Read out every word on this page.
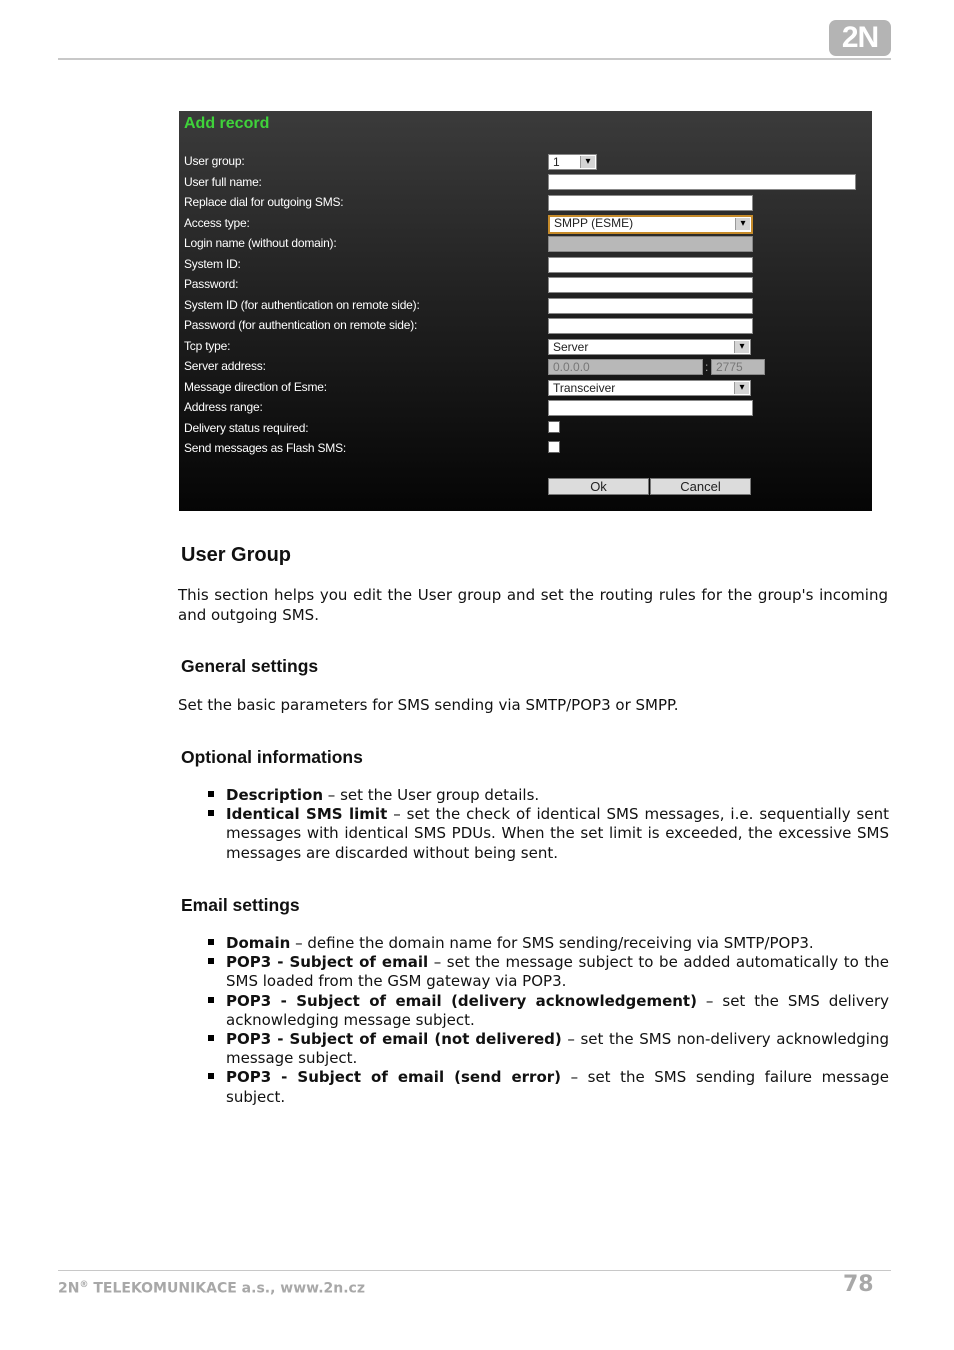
2N
Add record
User group:	1 ▾
User full name:
Replace dial for outgoing SMS:
Access type:	SMPP (ESME) ▾
Login name (without domain):
System ID:
Password:
System ID (for authentication on remote side):
Password (for authentication on remote side):
Tcp type:	Server ▾
Server address:	0.0.0.0	: 2775
Message direction of Esme:	Transceiver ▾
Address range:
Delivery status required:
Send messages as Flash SMS:
Ok	Cancel
User Group

This section helps you edit the User group and set the routing rules for the group's incoming and outgoing SMS.

General settings

Set the basic parameters for SMS sending via SMTP/POP3 or SMPP.

Optional informations
Description – set the User group details.
Identical SMS limit – set the check of identical SMS messages, i.e. sequentially sent messages with identical SMS PDUs. When the set limit is exceeded, the excessive SMS messages are discarded without being sent.
Email settings
Domain – define the domain name for SMS sending/receiving via SMTP/POP3.
POP3 - Subject of email – set the message subject to be added automatically to the SMS loaded from the GSM gateway via POP3.
POP3 - Subject of email (delivery acknowledgement) – set the SMS delivery acknowledging message subject.
POP3 - Subject of email (not delivered) – set the SMS non-delivery acknowledging message subject.
POP3 - Subject of email (send error) – set the SMS sending failure message subject.
2N® TELEKOMUNIKACE a.s., www.2n.cz	78
